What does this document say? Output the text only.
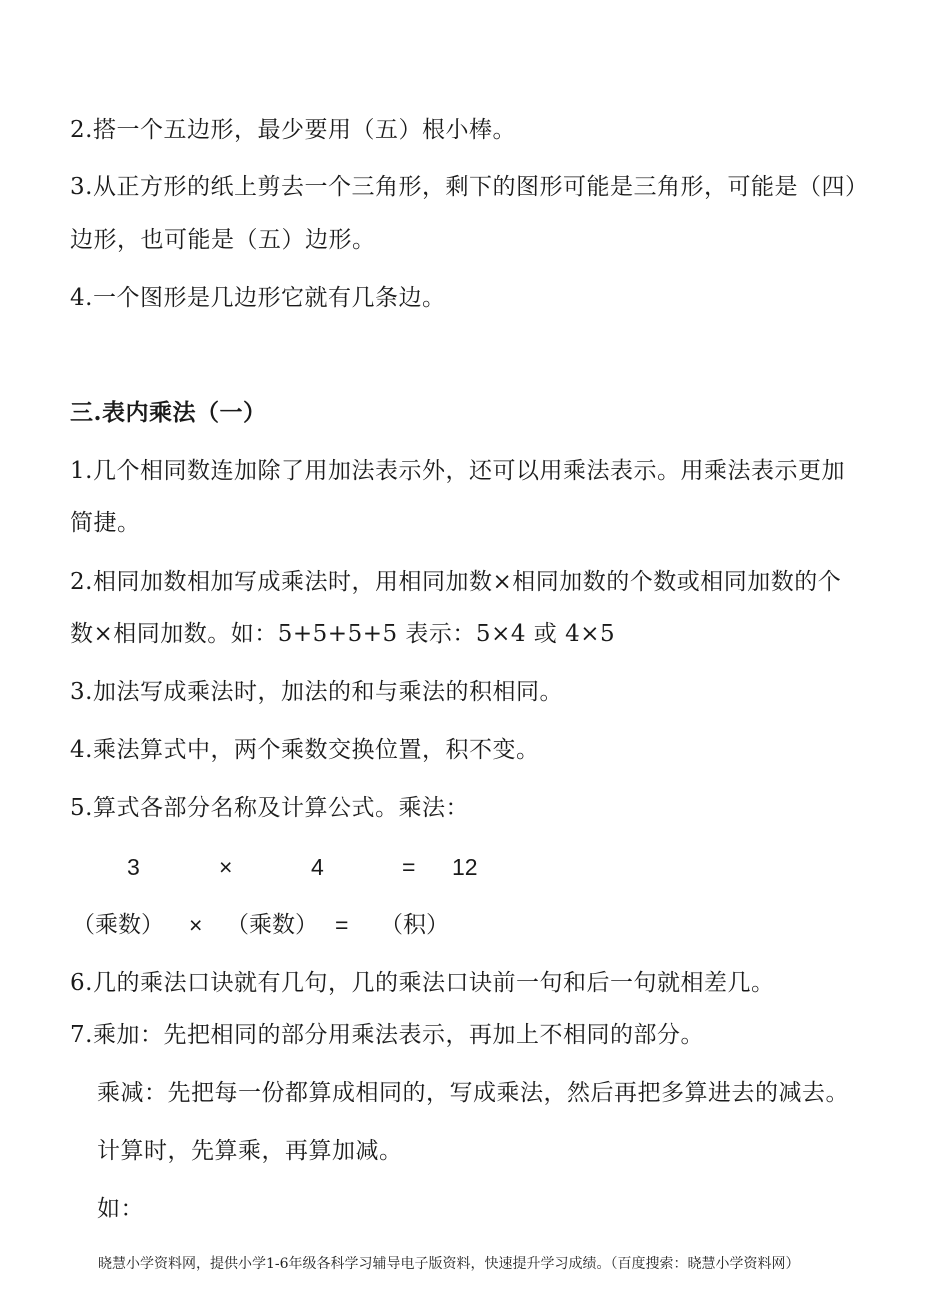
2.搭一个五边形，最少要用（五）根小棒。
3.从正方形的纸上剪去一个三角形，剩下的图形可能是三角形，可能是（四）
边形，也可能是（五）边形。
4.一个图形是几边形它就有几条边。
三.表内乘法（一）
1.几个相同数连加除了用加法表示外，还可以用乘法表示。用乘法表示更加
简捷。
2.相同加数相加写成乘法时，用相同加数×相同加数的个数或相同加数的个
数×相同加数。如：5+5+5+5 表示：5×4 或 4×5
3.加法写成乘法时，加法的和与乘法的积相同。
4.乘法算式中，两个乘数交换位置，积不变。
5.算式各部分名称及计算公式。乘法：
3	×	4	= 12
（乘数） × （乘数） = （积）
6.几的乘法口诀就有几句，几的乘法口诀前一句和后一句就相差几。
7.乘加：先把相同的部分用乘法表示，再加上不相同的部分。
乘减：先把每一份都算成相同的，写成乘法，然后再把多算进去的减去。
计算时，先算乘，再算加减。
如：
晓慧小学资料网，提供小学1-6年级各科学习辅导电子版资料，快速提升学习成绩。（百度搜索：晓慧小学资料网）
